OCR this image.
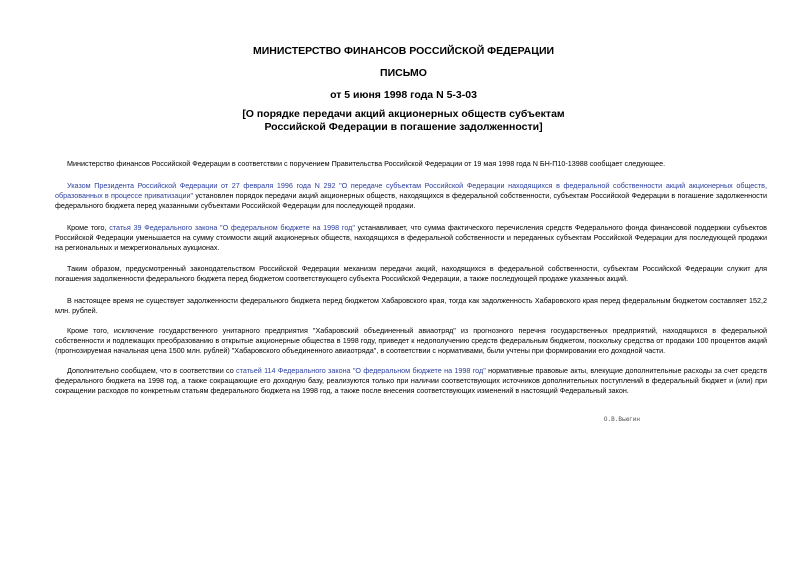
МИНИСТЕРСТВО ФИНАНСОВ РОССИЙСКОЙ ФЕДЕРАЦИИ
ПИСЬМО
от 5 июня 1998 года N 5-3-03
[О порядке передачи акций акционерных обществ субъектам
Российской Федерации в погашение задолженности]

Министерство финансов Российской Федерации в соответствии с поручением Правительства Российской Федерации от 19 мая 1998 года N БН-П10-13988 сообщает следующее.

Указом Президента Российской Федерации от 27 февраля 1996 года N 292 "О передаче субъектам Российской Федерации находящихся в федеральной собственности акций акционерных обществ, образованных в процессе приватизации" установлен порядок передачи акций акционерных обществ, находящихся в федеральной собственности, субъектам Российской Федерации в погашение задолженности федерального бюджета перед указанными субъектами Российской Федерации для последующей продажи.

Кроме того, статья 39 Федерального закона "О федеральном бюджете на 1998 год" устанавливает, что сумма фактического перечисления средств Федерального фонда финансовой поддержки субъектов Российской Федерации уменьшается на сумму стоимости акций акционерных обществ, находящихся в федеральной собственности и переданных субъектам Российской Федерации для последующей продажи на региональных и межрегиональных аукционах.

Таким образом, предусмотренный законодательством Российской Федерации механизм передачи акций, находящихся в федеральной собственности, субъектам Российской Федерации служит для погашения задолженности федерального бюджета перед бюджетом соответствующего субъекта Российской Федерации, а также последующей продаже указанных акций.

В настоящее время не существует задолженности федерального бюджета перед бюджетом Хабаровского края, тогда как задолженность Хабаровского края перед федеральным бюджетом составляет 152,2 млн. рублей.

Кроме того, исключение государственного унитарного предприятия "Хабаровский объединенный авиаотряд" из прогнозного перечня государственных предприятий, находящихся в федеральной собственности и подлежащих преобразованию в открытые акционерные общества в 1998 году, приведет к недополучению средств федеральным бюджетом, поскольку средства от продажи 100 процентов акций (прогнозируемая начальная цена 1500 млн. рублей) "Хабаровского объединенного авиаотряда", в соответствии с нормативами, были учтены при формировании его доходной части.

Дополнительно сообщаем, что в соответствии со статьей 114 Федерального закона "О федеральном бюджете на 1998 год" нормативные правовые акты, влекущие дополнительные расходы за счет средств федерального бюджета на 1998 год, а также сокращающие его доходную базу, реализуются только при наличии соответствующих источников дополнительных поступлений в федеральный бюджет и (или) при сокращении расходов по конкретным статьям федерального бюджета на 1998 год, а также после внесения соответствующих изменений в настоящий Федеральный закон.

О.В.Вьюгин
